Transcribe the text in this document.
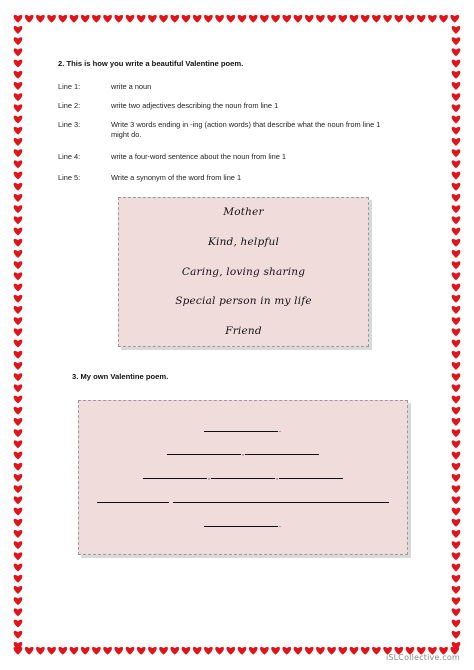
2. This is how you write a beautiful Valentine poem.
Line 1:	write a noun
Line 2:	write two adjectives describing the noun from line 1
Line 3:	Write 3 words ending in -ing (action words) that describe what the noun from line 1 might do.
Line 4:	write a four-word sentence about the noun from line 1
Line 5:	Write a synonym of the word from line 1
Mother
Kind, helpful
Caring, loving sharing
Special person in my life
Friend
3. My own Valentine poem.
.
,
,	,
.
iSLCollective.com
